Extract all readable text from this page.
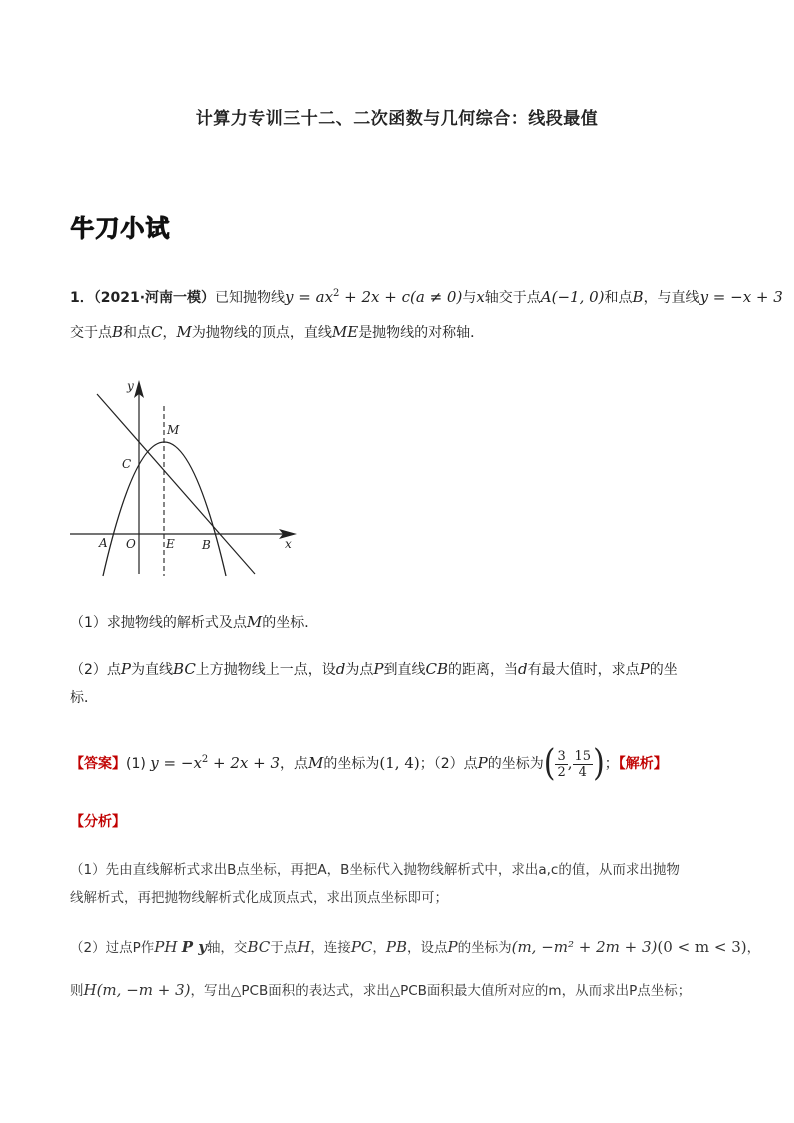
计算力专训三十二、二次函数与几何综合：线段最值
牛刀小试
1．（2021·河南一模）已知抛物线$y = ax^2 + 2x + c(a \ne 0)$与x轴交于点A(−1, 0)和点B，与直线y = −x + 3
交于点B和点C，M为抛物线的顶点，直线ME是抛物线的对称轴．
y
x
M
C
A O	E B
（1）求抛物线的解析式及点M的坐标．
（2）点P为直线BC上方抛物线上一点，设d为点P到直线CB的距离，当d有最大值时，求点P的坐
标．
【答案】(1) $y = -x^2 + 2x + 3$，点M的坐标为(1, 4)；（2）点P的坐标为( $\frac{3}{2}$ , $\frac{15}{4}$ )；【解析】
【分析】
（1）先由直线解析式求出B点坐标，再把A，B坐标代入抛物线解析式中，求出a,c的值，从而求出抛物
线解析式，再把抛物线解析式化成顶点式，求出顶点坐标即可；
（2）过点P作PH P y轴，交BC于点H，连接PC，PB，设点P的坐标为(m, −m² + 2m + 3)(0 < m < 3)，
则H(m, −m + 3)，写出△PCB面积的表达式，求出△PCB面积最大值所对应的m，从而求出P点坐标；
